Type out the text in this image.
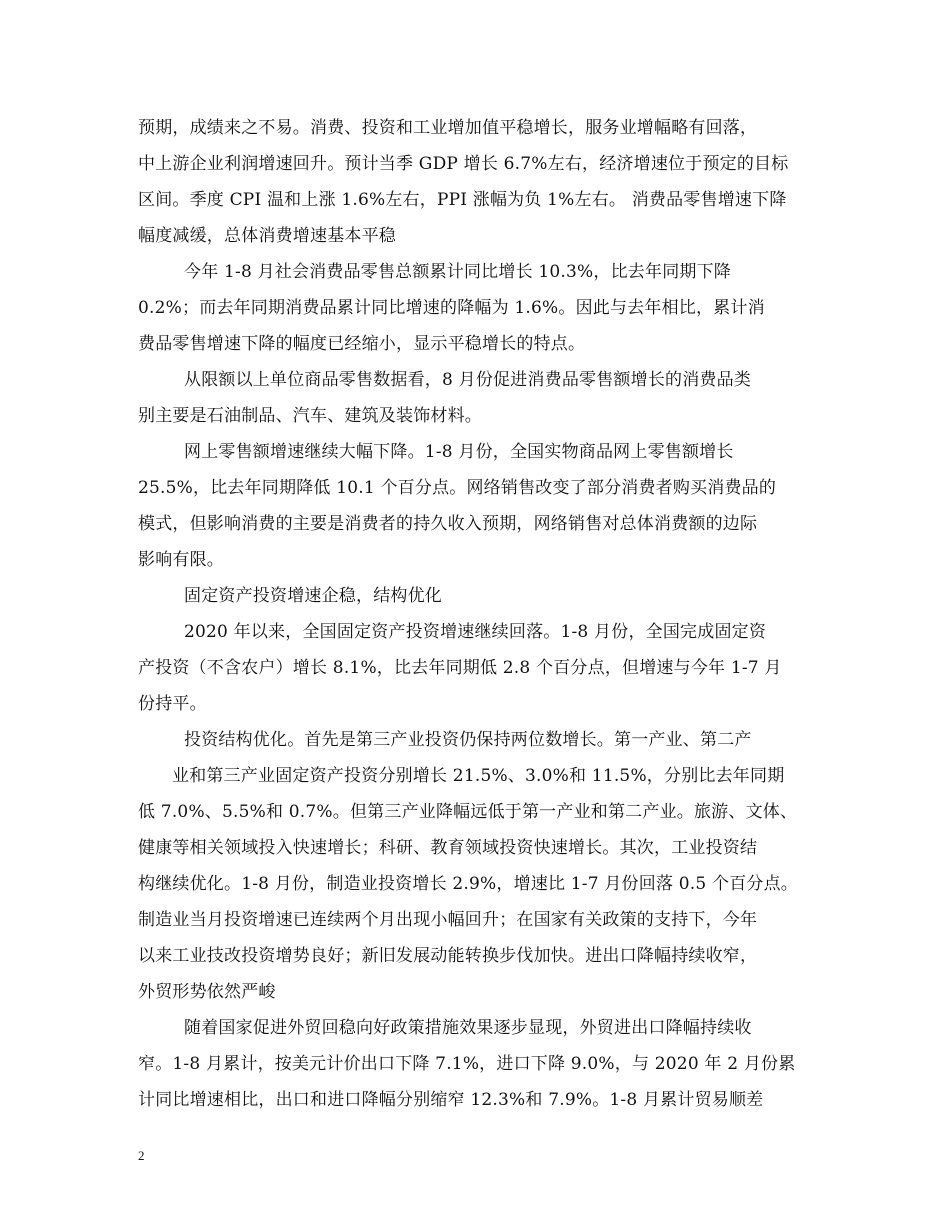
预期，成绩来之不易。消费、投资和工业增加值平稳增长，服务业增幅略有回落，
中上游企业利润增速回升。预计当季 GDP 增长 6.7%左右，经济增速位于预定的目标
区间。季度 CPI 温和上涨 1.6%左右，PPI 涨幅为负 1%左右。 消费品零售增速下降
幅度减缓，总体消费增速基本平稳
今年 1-8 月社会消费品零售总额累计同比增长 10.3%，比去年同期下降
0.2%；而去年同期消费品累计同比增速的降幅为 1.6%。因此与去年相比，累计消
费品零售增速下降的幅度已经缩小，显示平稳增长的特点。
从限额以上单位商品零售数据看，8 月份促进消费品零售额增长的消费品类
别主要是石油制品、汽车、建筑及装饰材料。
网上零售额增速继续大幅下降。1-8 月份，全国实物商品网上零售额增长
25.5%，比去年同期降低 10.1 个百分点。网络销售改变了部分消费者购买消费品的
模式，但影响消费的主要是消费者的持久收入预期，网络销售对总体消费额的边际
影响有限。
固定资产投资增速企稳，结构优化
2020 年以来，全国固定资产投资增速继续回落。1-8 月份，全国完成固定资
产投资（不含农户）增长 8.1%，比去年同期低 2.8 个百分点，但增速与今年 1-7 月
份持平。
投资结构优化。首先是第三产业投资仍保持两位数增长。第一产业、第二产
业和第三产业固定资产投资分别增长 21.5%、3.0%和 11.5%，分别比去年同期
低 7.0%、5.5%和 0.7%。但第三产业降幅远低于第一产业和第二产业。旅游、文体、
健康等相关领域投入快速增长；科研、教育领域投资快速增长。其次，工业投资结
构继续优化。1-8 月份，制造业投资增长 2.9%，增速比 1-7 月份回落 0.5 个百分点。
制造业当月投资增速已连续两个月出现小幅回升；在国家有关政策的支持下，今年
以来工业技改投资增势良好；新旧发展动能转换步伐加快。进出口降幅持续收窄，
外贸形势依然严峻
随着国家促进外贸回稳向好政策措施效果逐步显现，外贸进出口降幅持续收
窄。1-8 月累计，按美元计价出口下降 7.1%，进口下降 9.0%，与 2020 年 2 月份累
计同比增速相比，出口和进口降幅分别缩窄 12.3%和 7.9%。1-8 月累计贸易顺差
2
